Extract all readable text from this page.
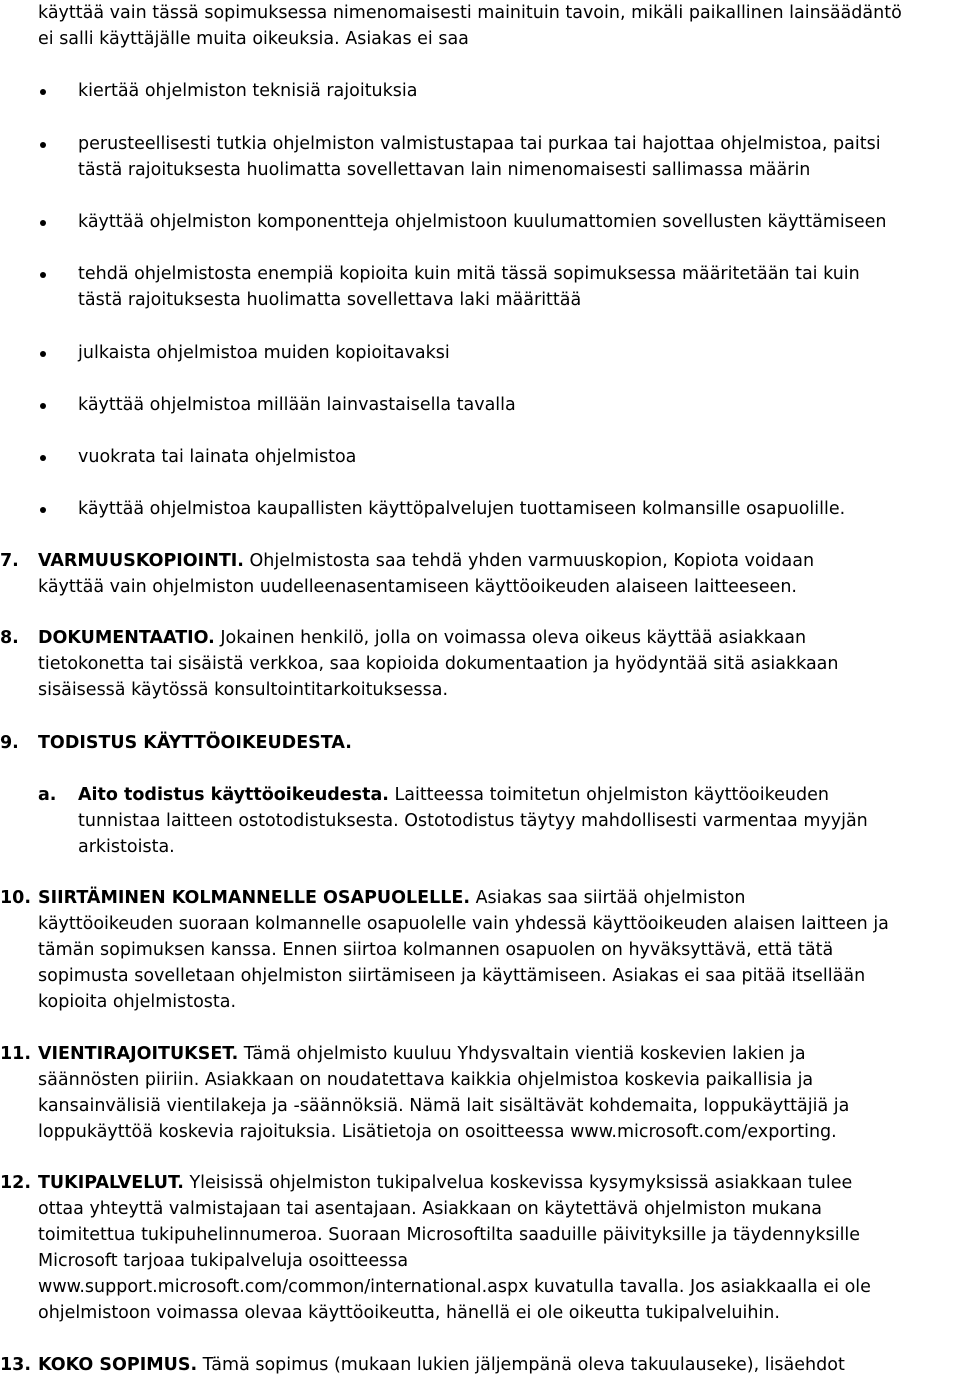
käyttää vain tässä sopimuksessa nimenomaisesti mainituin tavoin, mikäli paikallinen lainsäädäntö
ei salli käyttäjälle muita oikeuksia. Asiakas ei saa
kiertää ohjelmiston teknisiä rajoituksia
perusteellisesti tutkia ohjelmiston valmistustapaa tai purkaa tai hajottaa ohjelmistoa, paitsi
tästä rajoituksesta huolimatta sovellettavan lain nimenomaisesti sallimassa määrin
käyttää ohjelmiston komponentteja ohjelmistoon kuulumattomien sovellusten käyttämiseen
tehdä ohjelmistosta enempiä kopioita kuin mitä tässä sopimuksessa määritetään tai kuin
tästä rajoituksesta huolimatta sovellettava laki määrittää
julkaista ohjelmistoa muiden kopioitavaksi
käyttää ohjelmistoa millään lainvastaisella tavalla
vuokrata tai lainata ohjelmistoa
käyttää ohjelmistoa kaupallisten käyttöpalvelujen tuottamiseen kolmansille osapuolille.
7. VARMUUSKOPIOINTI. Ohjelmistosta saa tehdä yhden varmuuskopion, Kopiota voidaan
käyttää vain ohjelmiston uudelleenasentamiseen käyttöoikeuden alaiseen laitteeseen.
8. DOKUMENTAATIO. Jokainen henkilö, jolla on voimassa oleva oikeus käyttää asiakkaan
tietokonetta tai sisäistä verkkoa, saa kopioida dokumentaation ja hyödyntää sitä asiakkaan
sisäisessä käytössä konsultointitarkoituksessa.
9. TODISTUS KÄYTTÖOIKEUDESTA.
a. Aito todistus käyttöoikeudesta. Laitteessa toimitetun ohjelmiston käyttöoikeuden
tunnistaa laitteen ostotodistuksesta. Ostotodistus täytyy mahdollisesti varmentaa myyjän
arkistoista.
10. SIIRTÄMINEN KOLMANNELLE OSAPUOLELLE. Asiakas saa siirtää ohjelmiston
käyttöoikeuden suoraan kolmannelle osapuolelle vain yhdessä käyttöoikeuden alaisen laitteen ja
tämän sopimuksen kanssa. Ennen siirtoa kolmannen osapuolen on hyväksyttävä, että tätä
sopimusta sovelletaan ohjelmiston siirtämiseen ja käyttämiseen. Asiakas ei saa pitää itsellään
kopioita ohjelmistosta.
11. VIENTIRAJOITUKSET. Tämä ohjelmisto kuuluu Yhdysvaltain vientiä koskevien lakien ja
säännösten piiriin. Asiakkaan on noudatettava kaikkia ohjelmistoa koskevia paikallisia ja
kansainvälisiä vientilakeja ja -säännöksiä. Nämä lait sisältävät kohdemaita, loppukäyttäjiä ja
loppukäyttöä koskevia rajoituksia. Lisätietoja on osoitteessa www.microsoft.com/exporting.
12. TUKIPALVELUT. Yleisissä ohjelmiston tukipalvelua koskevissa kysymyksissä asiakkaan tulee
ottaa yhteyttä valmistajaan tai asentajaan. Asiakkaan on käytettävä ohjelmiston mukana
toimitettua tukipuhelinnumeroa. Suoraan Microsoftilta saaduille päivityksille ja täydennyksille
Microsoft tarjoaa tukipalveluja osoitteessa
www.support.microsoft.com/common/international.aspx kuvatulla tavalla. Jos asiakkaalla ei ole
ohjelmistoon voimassa olevaa käyttöoikeutta, hänellä ei ole oikeutta tukipalveluihin.
13. KOKO SOPIMUS. Tämä sopimus (mukaan lukien jäljempänä oleva takuulauseke), lisäehdot
